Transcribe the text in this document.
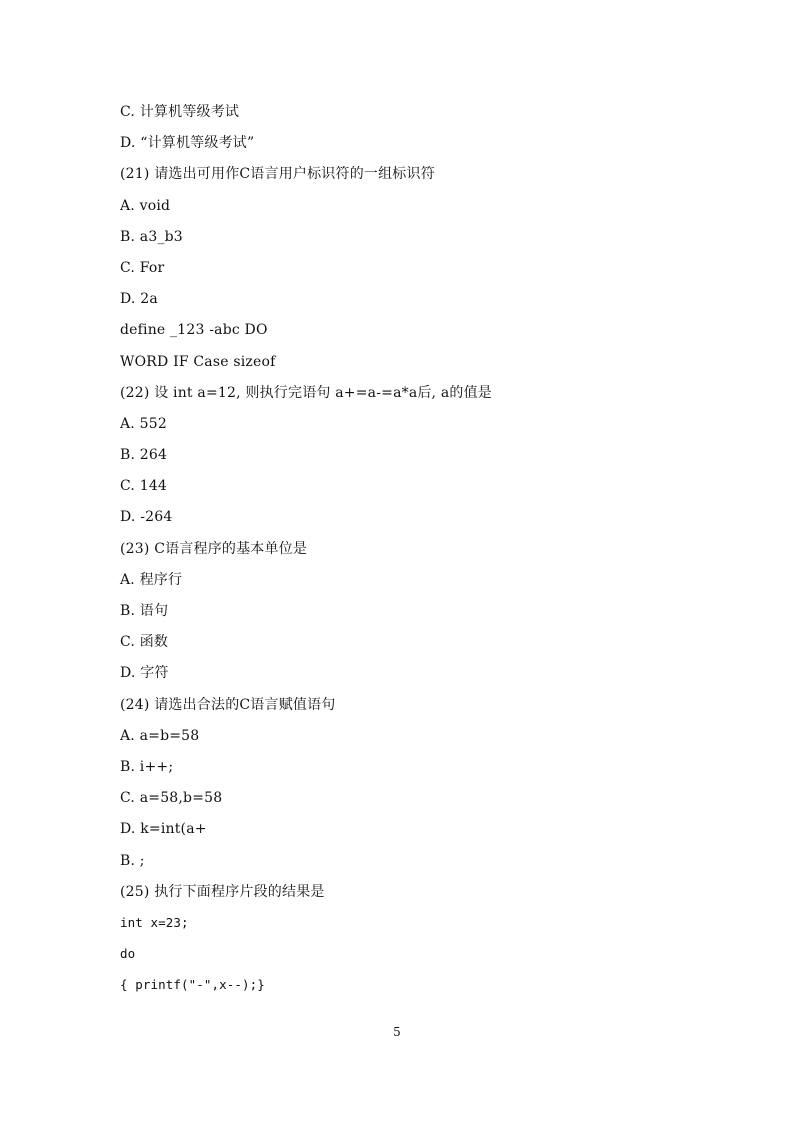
C. 计算机等级考试
D. “计算机等级考试”
(21) 请选出可用作C语言用户标识符的一组标识符
A. void
B. a3_b3
C. For
D. 2a
define _123 -abc DO
WORD IF Case sizeof
(22) 设 int a=12, 则执行完语句 a+=a-=a*a后, a的值是
A. 552
B. 264
C. 144
D. -264
(23) C语言程序的基本单位是
A. 程序行
B. 语句
C. 函数
D. 字符
(24) 请选出合法的C语言赋值语句
A. a=b=58
B. i++;
C. a=58,b=58
D. k=int(a+
B. ;
(25) 执行下面程序片段的结果是
int x=23;
do
{ printf("-",x--);}
5
